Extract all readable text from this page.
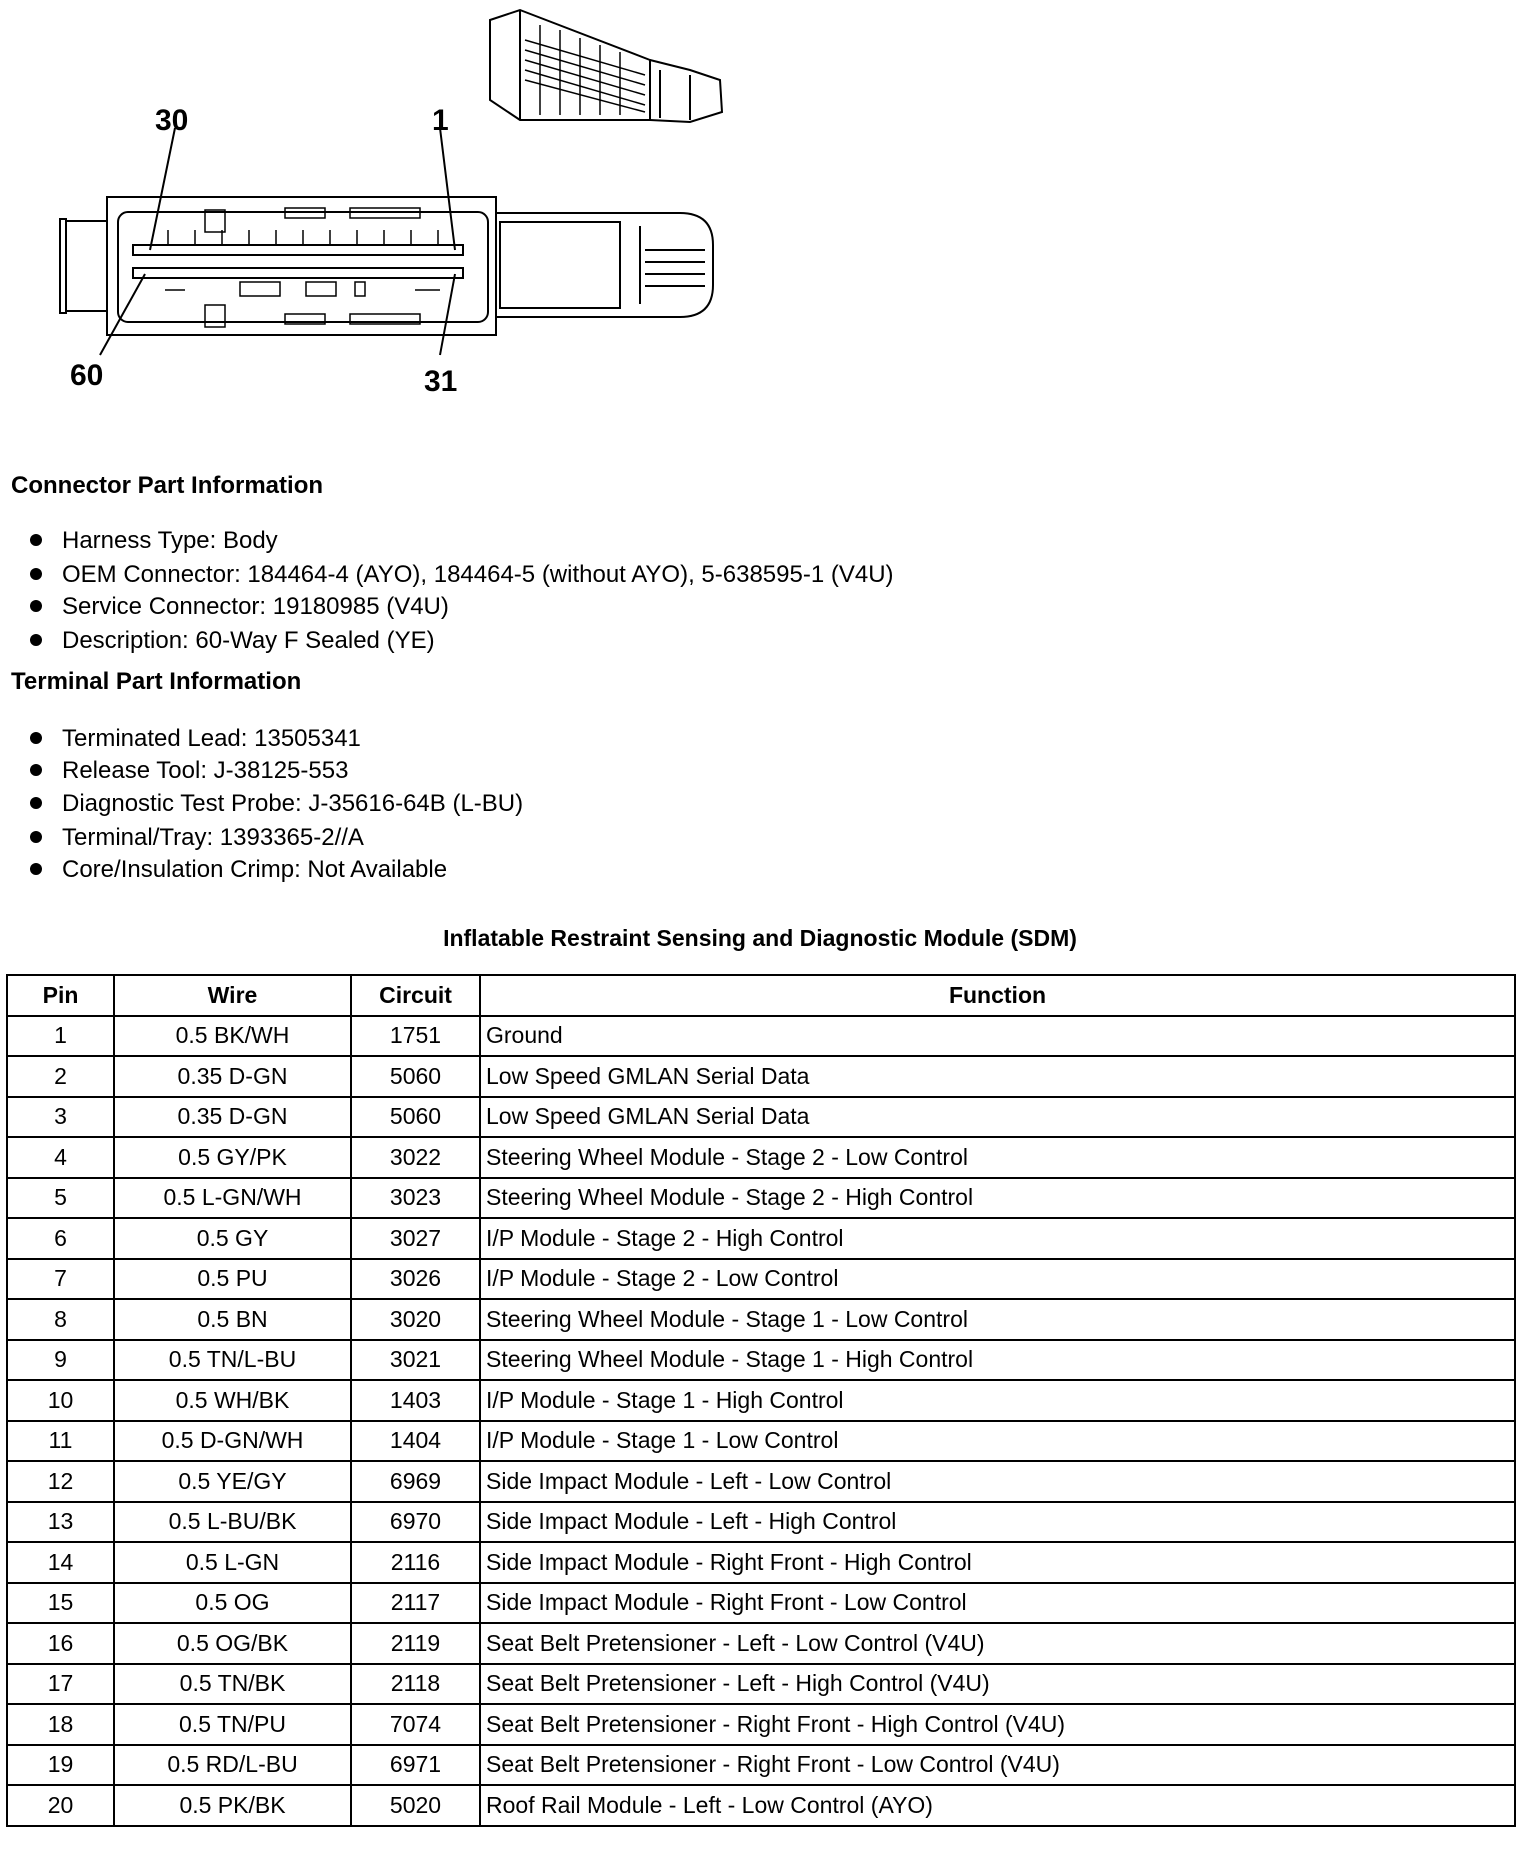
30	1
60	31
Connector Part Information
Harness Type: Body
OEM Connector: 184464-4 (AYO), 184464-5 (without AYO), 5-638595-1 (V4U)
Service Connector: 19180985 (V4U)
Description: 60-Way F Sealed (YE)
Terminal Part Information
Terminated Lead: 13505341
Release Tool: J-38125-553
Diagnostic Test Probe: J-35616-64B (L-BU)
Terminal/Tray: 1393365-2//A
Core/Insulation Crimp: Not Available
Inflatable Restraint Sensing and Diagnostic Module (SDM)
Pin	Wire	Circuit	Function
1	0.5 BK/WH	1751	Ground
2	0.35 D-GN	5060	Low Speed GMLAN Serial Data
3	0.35 D-GN	5060	Low Speed GMLAN Serial Data
4	0.5 GY/PK	3022	Steering Wheel Module - Stage 2 - Low Control
5	0.5 L-GN/WH	3023	Steering Wheel Module - Stage 2 - High Control
6	0.5 GY	3027	I/P Module - Stage 2 - High Control
7	0.5 PU	3026	I/P Module - Stage 2 - Low Control
8	0.5 BN	3020	Steering Wheel Module - Stage 1 - Low Control
9	0.5 TN/L-BU	3021	Steering Wheel Module - Stage 1 - High Control
10	0.5 WH/BK	1403	I/P Module - Stage 1 - High Control
11	0.5 D-GN/WH	1404	I/P Module - Stage 1 - Low Control
12	0.5 YE/GY	6969	Side Impact Module - Left - Low Control
13	0.5 L-BU/BK	6970	Side Impact Module - Left - High Control
14	0.5 L-GN	2116	Side Impact Module - Right Front - High Control
15	0.5 OG	2117	Side Impact Module - Right Front - Low Control
16	0.5 OG/BK	2119	Seat Belt Pretensioner - Left - Low Control (V4U)
17	0.5 TN/BK	2118	Seat Belt Pretensioner - Left - High Control (V4U)
18	0.5 TN/PU	7074	Seat Belt Pretensioner - Right Front - High Control (V4U)
19	0.5 RD/L-BU	6971	Seat Belt Pretensioner - Right Front - Low Control (V4U)
20	0.5 PK/BK	5020	Roof Rail Module - Left - Low Control (AYO)
